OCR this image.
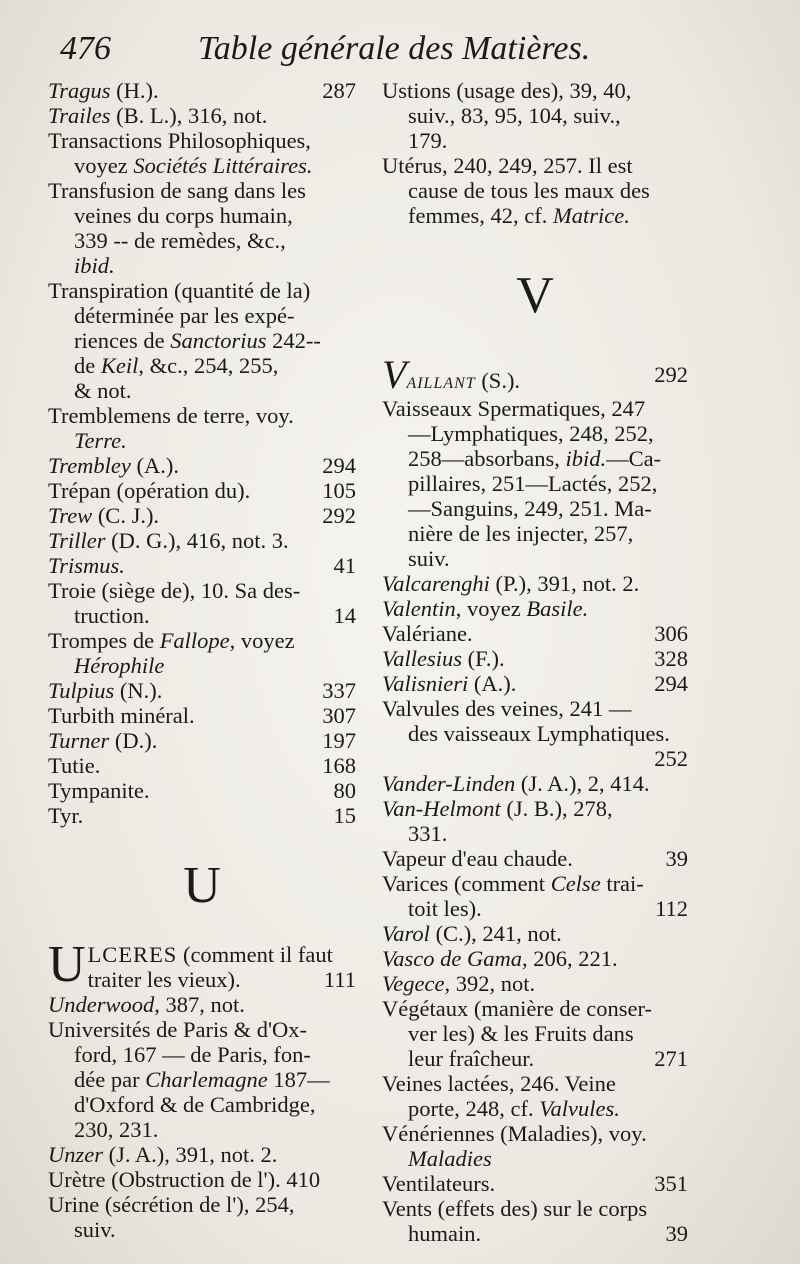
476	Table générale des Matières.
Tragus (H.).	287
Trailes (B. L.), 316, not.
Transactions Philosophiques,
voyez Sociétés Littéraires.
Transfusion de sang dans les
veines du corps humain,
339 -- de remèdes, &c.,
ibid.
Transpiration (quantité de la)
déterminée par les expé-
riences de Sanctorius 242--
de Keil, &c., 254, 255,
& not.
Tremblemens de terre, voy.
Terre.
Trembley (A.).	294
Trépan (opération du).	105
Trew (C. J.).	292
Triller (D. G.), 416, not. 3.
Trismus.	41
Troie (siège de), 10. Sa des-
truction.	14
Trompes de Fallope, voyez
Hérophile
Tulpius (N.).	337
Turbith minéral.	307
Turner (D.).	197
Tutie.	168
Tympanite.	80
Tyr.	15
U
U LCERES (comment il faut
traiter les vieux).	111
Underwood, 387, not.
Universités de Paris & d'Ox-
ford, 167 — de Paris, fon-
dée par Charlemagne 187—
d'Oxford & de Cambridge,
230, 231.
Unzer (J. A.), 391, not. 2.
Urètre (Obstruction de l'). 410
Urine (sécrétion de l'), 254,
suiv.
Ustions (usage des), 39, 40,
suiv., 83, 95, 104, suiv.,
179.
Utérus, 240, 249, 257. Il est
cause de tous les maux des
femmes, 42, cf. Matrice.
V
VAILLANT (S.).	292
Vaisseaux Spermatiques, 247
—Lymphatiques, 248, 252,
258—absorbans, ibid.—Ca-
pillaires, 251—Lactés, 252,
—Sanguins, 249, 251. Ma-
nière de les injecter, 257,
suiv.
Valcarenghi (P.), 391, not. 2.
Valentin, voyez Basile.
Valériane.	306
Vallesius (F.).	328
Valisnieri (A.).	294
Valvules des veines, 241 —
des vaisseaux Lymphatiques.
252
Vander-Linden (J. A.), 2, 414.
Van-Helmont (J. B.), 278,
331.
Vapeur d'eau chaude.	39
Varices (comment Celse trai-
toit les).	112
Varol (C.), 241, not.
Vasco de Gama, 206, 221.
Vegece, 392, not.
Végétaux (manière de conser-
ver les) & les Fruits dans
leur fraîcheur.	271
Veines lactées, 246. Veine
porte, 248, cf. Valvules.
Vénériennes (Maladies), voy.
Maladies
Ventilateurs.	351
Vents (effets des) sur le corps
humain.	39
